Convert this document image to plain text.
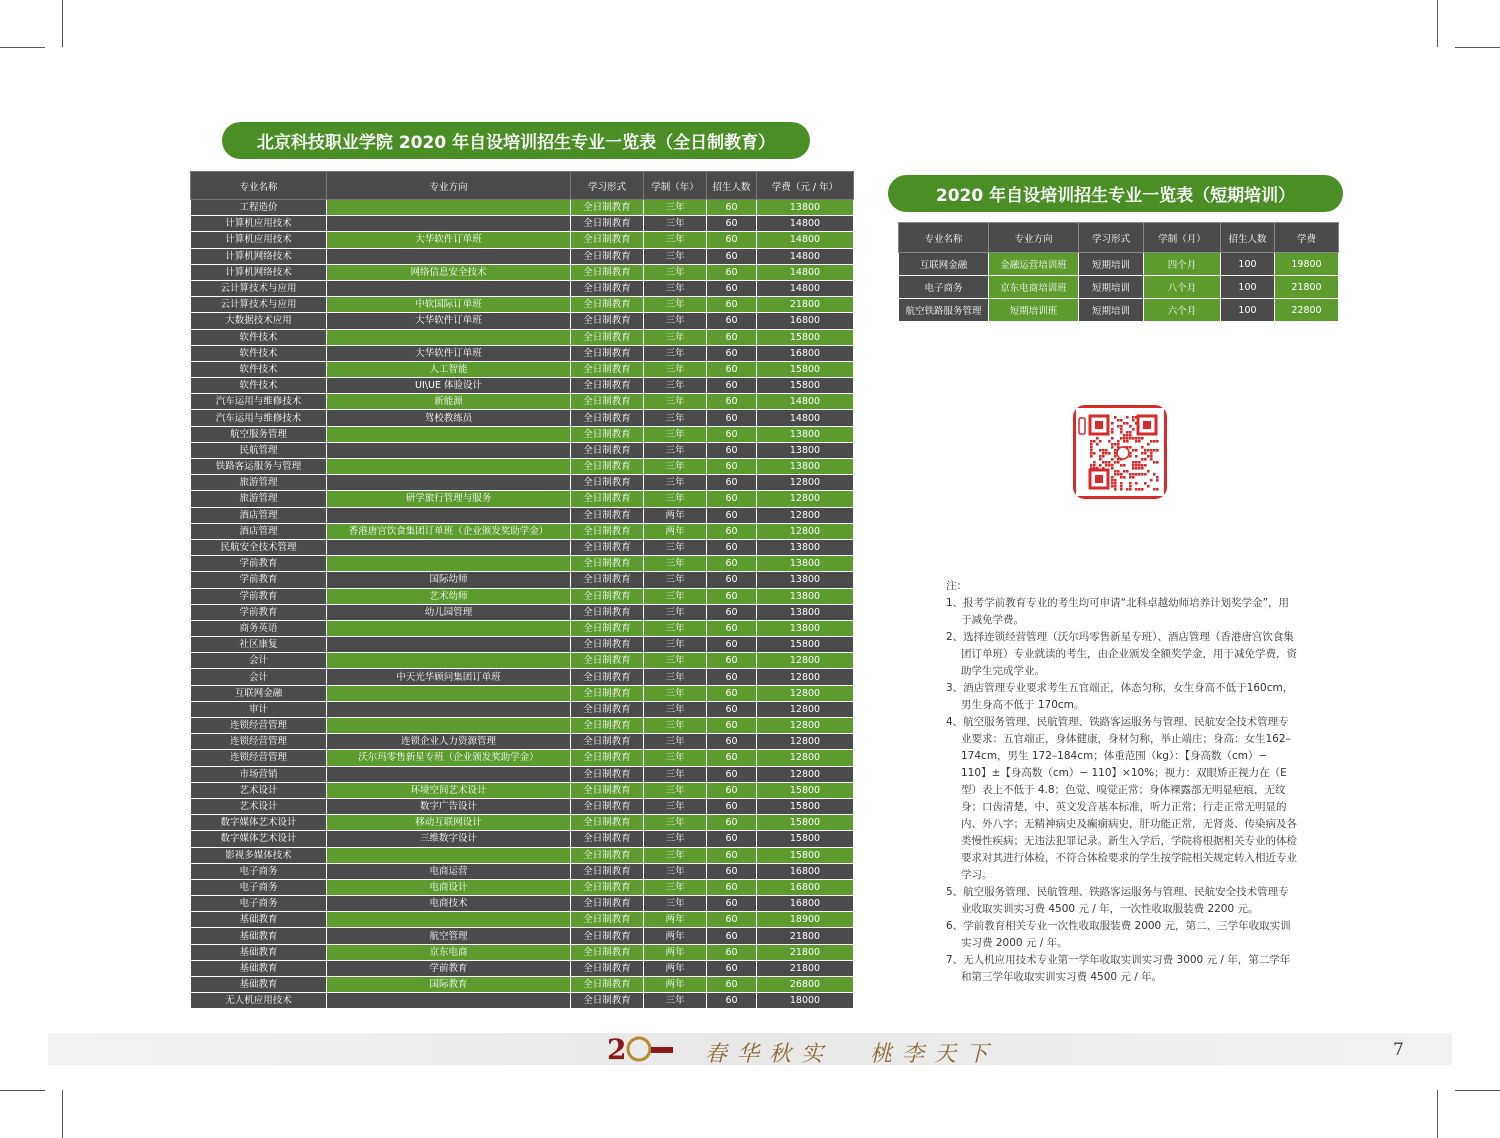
北京科技职业学院 2020 年自设培训招生专业一览表（全日制教育）
专业名称	专业方向	学习形式	学制（年）	招生人数	学费（元 / 年）
工程造价		全日制教育	三年	60	13800
计算机应用技术		全日制教育	三年	60	14800
计算机应用技术	大华软件订单班	全日制教育	三年	60	14800
计算机网络技术		全日制教育	三年	60	14800
计算机网络技术	网络信息安全技术	全日制教育	三年	60	14800
云计算技术与应用		全日制教育	三年	60	14800
云计算技术与应用	中软国际订单班	全日制教育	三年	60	21800
大数据技术应用	大华软件订单班	全日制教育	三年	60	16800
软件技术		全日制教育	三年	60	15800
软件技术	大华软件订单班	全日制教育	三年	60	16800
软件技术	人工智能	全日制教育	三年	60	15800
软件技术	UI\UE 体验设计	全日制教育	三年	60	15800
汽车运用与维修技术	新能源	全日制教育	三年	60	14800
汽车运用与维修技术	驾校教练员	全日制教育	三年	60	14800
航空服务管理		全日制教育	三年	60	13800
民航管理		全日制教育	三年	60	13800
铁路客运服务与管理		全日制教育	三年	60	13800
旅游管理		全日制教育	三年	60	12800
旅游管理	研学旅行管理与服务	全日制教育	三年	60	12800
酒店管理		全日制教育	两年	60	12800
酒店管理	香港唐宫饮食集团订单班（企业颁发奖助学金）	全日制教育	两年	60	12800
民航安全技术管理		全日制教育	三年	60	13800
学前教育		全日制教育	三年	60	13800
学前教育	国际幼师	全日制教育	三年	60	13800
学前教育	艺术幼师	全日制教育	三年	60	13800
学前教育	幼儿园管理	全日制教育	三年	60	13800
商务英语		全日制教育	三年	60	13800
社区康复		全日制教育	三年	60	15800
会计		全日制教育	三年	60	12800
会计	中天光华顾问集团订单班	全日制教育	三年	60	12800
互联网金融		全日制教育	三年	60	12800
审计		全日制教育	三年	60	12800
连锁经营管理		全日制教育	三年	60	12800
连锁经营管理	连锁企业人力资源管理	全日制教育	三年	60	12800
连锁经营管理	沃尔玛零售新星专班（企业颁发奖助学金）	全日制教育	三年	60	12800
市场营销		全日制教育	三年	60	12800
艺术设计	环境空间艺术设计	全日制教育	三年	60	15800
艺术设计	数字广告设计	全日制教育	三年	60	15800
数字媒体艺术设计	移动互联网设计	全日制教育	三年	60	15800
数字媒体艺术设计	三维数字设计	全日制教育	三年	60	15800
影视多媒体技术		全日制教育	三年	60	15800
电子商务	电商运营	全日制教育	三年	60	16800
电子商务	电商设计	全日制教育	三年	60	16800
电子商务	电商技术	全日制教育	三年	60	16800
基础教育		全日制教育	两年	60	18900
基础教育	航空管理	全日制教育	两年	60	21800
基础教育	京东电商	全日制教育	两年	60	21800
基础教育	学前教育	全日制教育	两年	60	21800
基础教育	国际教育	全日制教育	两年	60	26800
无人机应用技术		全日制教育	三年	60	18000
2020 年自设培训招生专业一览表（短期培训）
专业名称	专业方向	学习形式	学制（月）	招生人数	学费
互联网金融	金融运营培训班	短期培训	四个月	100	19800
电子商务	京东电商培训班	短期培训	八个月	100	21800
航空铁路服务管理	短期培训班	短期培训	六个月	100	22800

注：

1、报考学前教育专业的考生均可申请“北科卓越幼师培养计划奖学金”，用于减免学费。

2、选择连锁经营管理（沃尔玛零售新星专班）、酒店管理（香港唐宫饮食集团订单班）专业就读的考生，由企业颁发全额奖学金，用于减免学费，资助学生完成学业。

3、酒店管理专业要求考生五官端正，体态匀称，女生身高不低于160cm，男生身高不低于 170cm。

4、航空服务管理、民航管理、铁路客运服务与管理、民航安全技术管理专业要求：五官端正，身体健康，身材匀称，举止端庄；身高：女生162–174cm，男生 172–184cm；体重范围（kg）：【身高数（cm）− 110】±【身高数（cm）− 110】×10%；视力：双眼矫正视力在（E 型）表上不低于 4.8；色觉、嗅觉正常；身体裸露部无明显疤痕，无纹身；口齿清楚，中、英文发音基本标准，听力正常；行走正常无明显的内、外八字；无精神病史及癫痫病史，肝功能正常，无肾炎、传染病及各类慢性疾病；无违法犯罪记录。新生入学后，学院将根据相关专业的体检要求对其进行体检，不符合体检要求的学生按学院相关规定转入相近专业学习。

5、航空服务管理、民航管理、铁路客运服务与管理、民航安全技术管理专业收取实训实习费 4500 元 / 年，一次性收取服装费 2200 元。

6、学前教育相关专业一次性收取服装费 2000 元，第二、三学年收取实训实习费 2000 元 / 年。

7、无人机应用技术专业第一学年收取实训实习费 3000 元 / 年，第二学年和第三学年收取实训实习费 4500 元 / 年。

2	春华秋实 桃李天下	7
